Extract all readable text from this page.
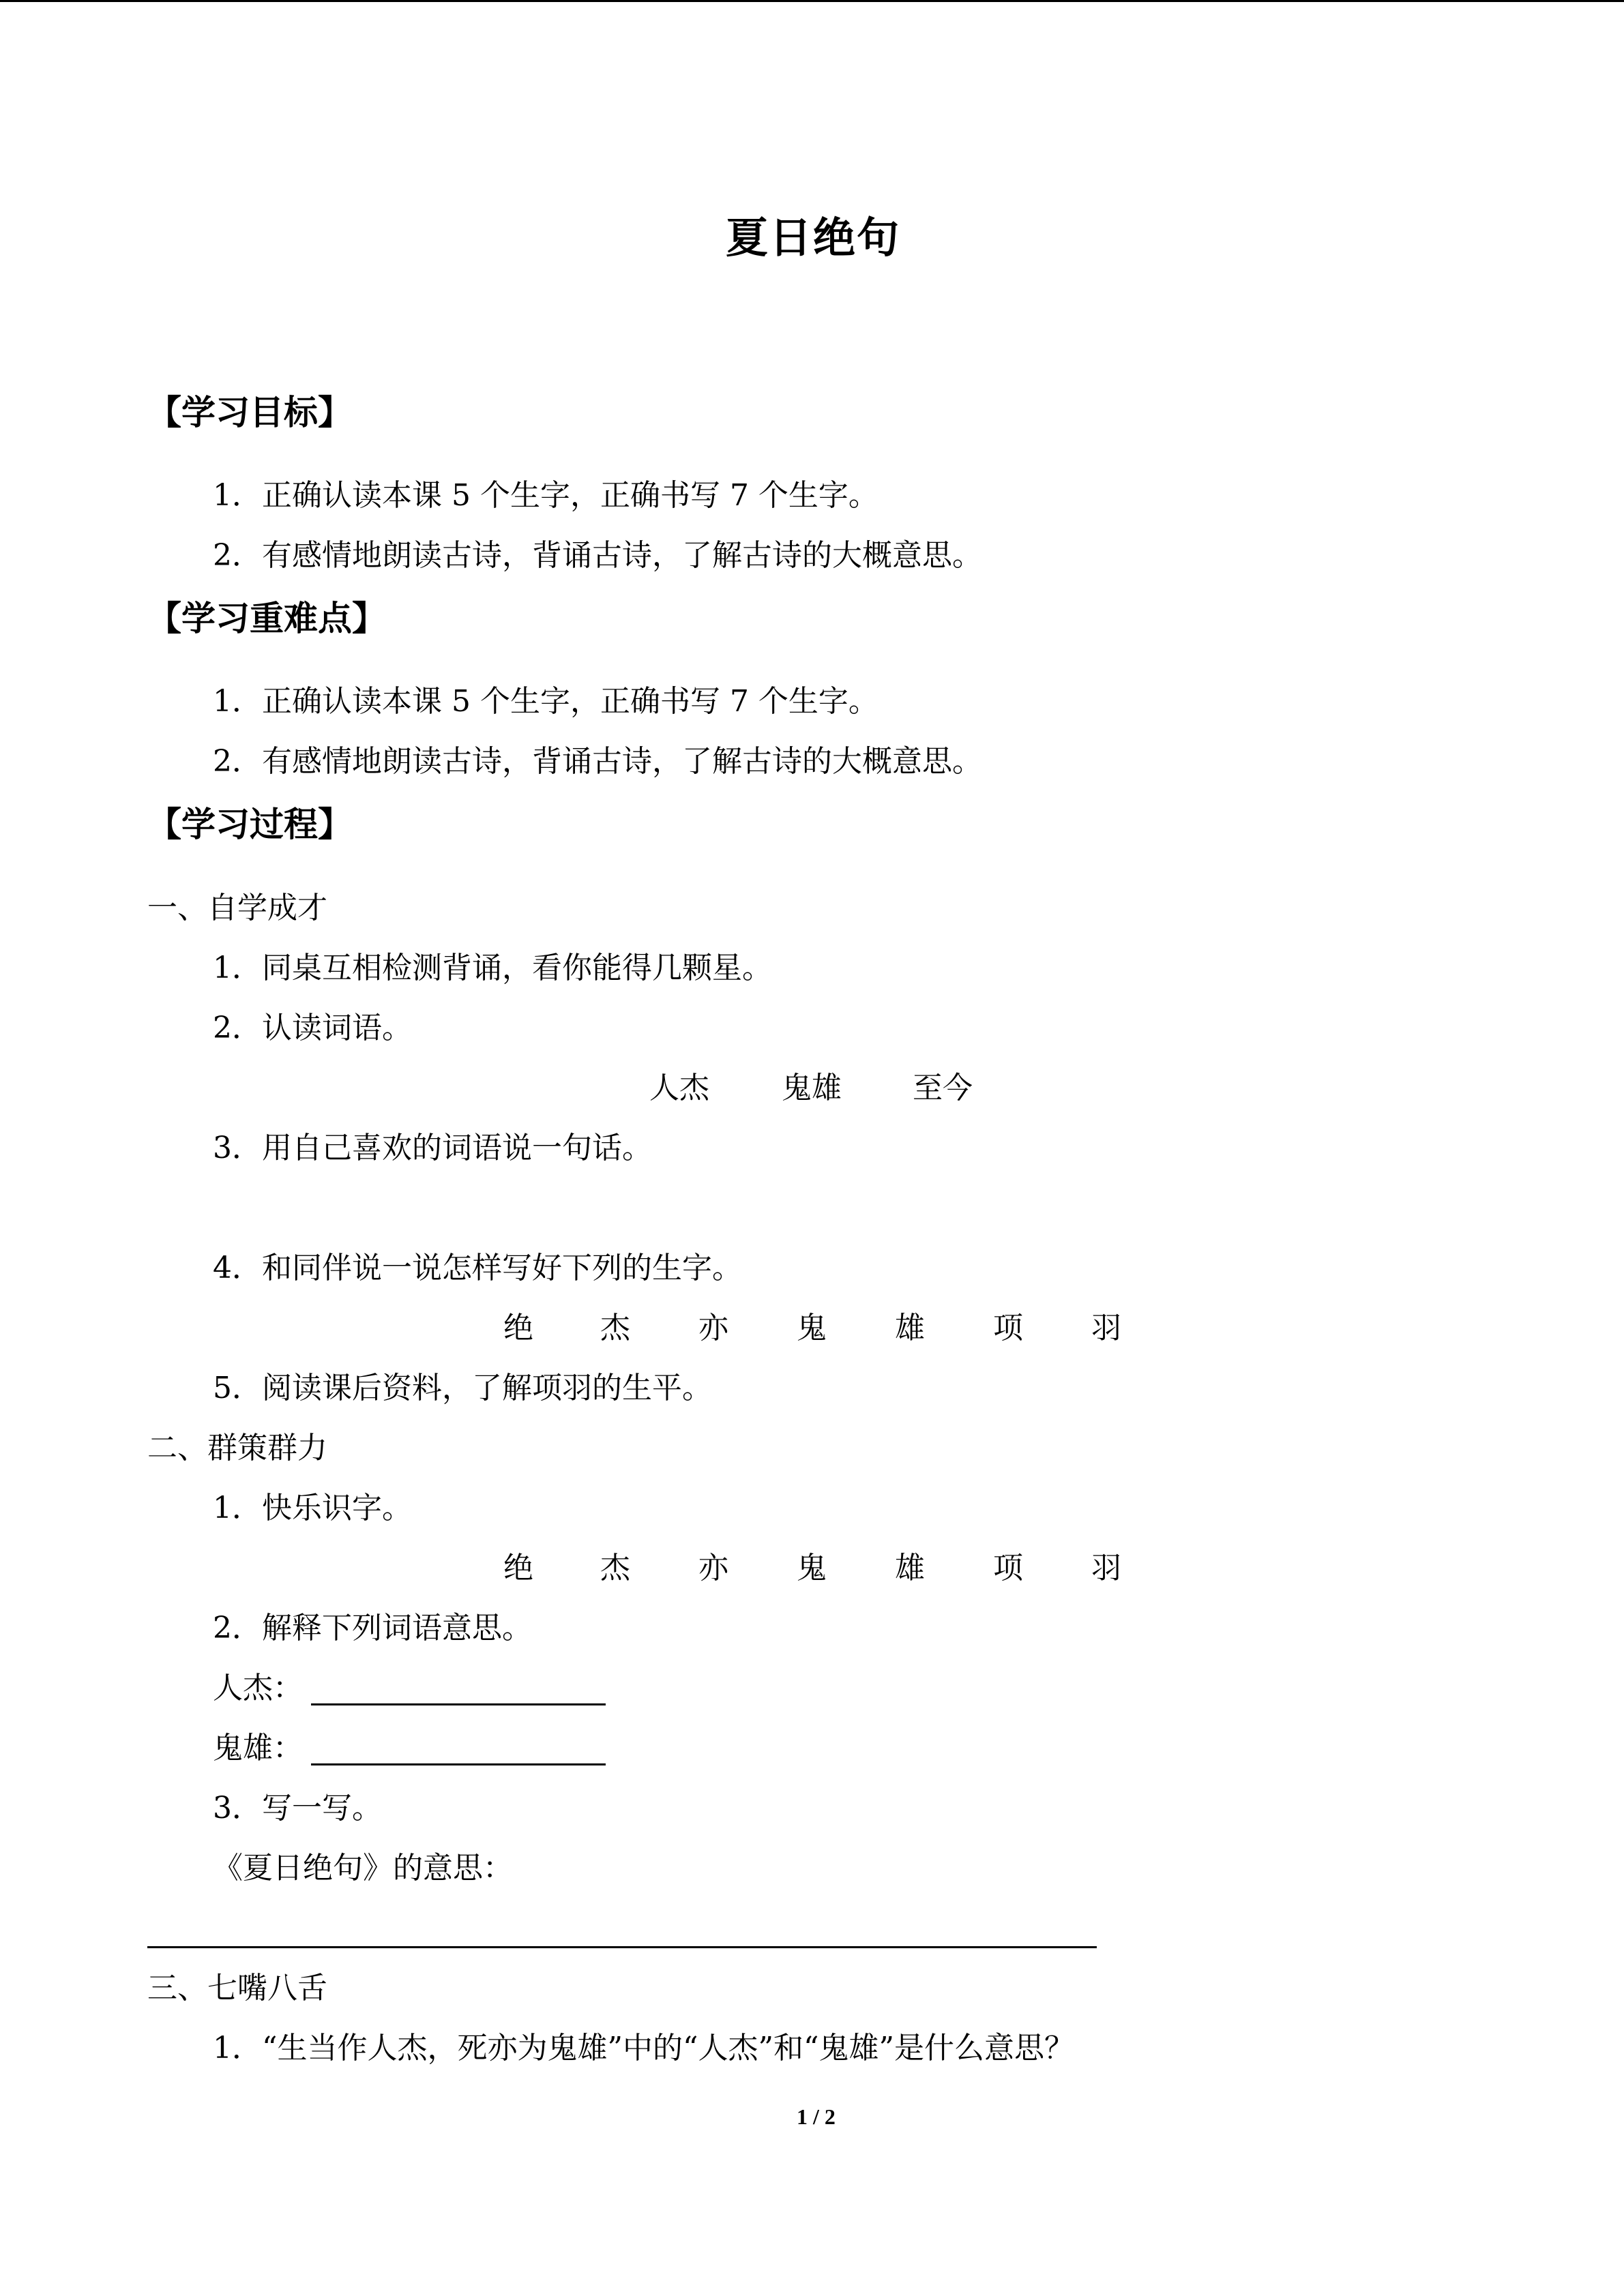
夏日绝句
【学习目标】
1．正确认读本课 5 个生字，正确书写 7 个生字。
2．有感情地朗读古诗，背诵古诗，了解古诗的大概意思。
【学习重难点】
1．正确认读本课 5 个生字，正确书写 7 个生字。
2．有感情地朗读古诗，背诵古诗，了解古诗的大概意思。
【学习过程】
一、自学成才
1．同桌互相检测背诵，看你能得几颗星。
2．认读词语。
人杰 鬼雄 至今
3．用自己喜欢的词语说一句话。
4．和同伴说一说怎样写好下列的生字。
绝 杰 亦 鬼 雄 项 羽
5．阅读课后资料，了解项羽的生平。
二、群策群力
1．快乐识字。
绝 杰 亦 鬼 雄 项 羽
2．解释下列词语意思。
人杰：
鬼雄：
3．写一写。
《夏日绝句》的意思：
三、七嘴八舌
1．“生当作人杰，死亦为鬼雄”中的“人杰”和“鬼雄”是什么意思？
1 / 2
